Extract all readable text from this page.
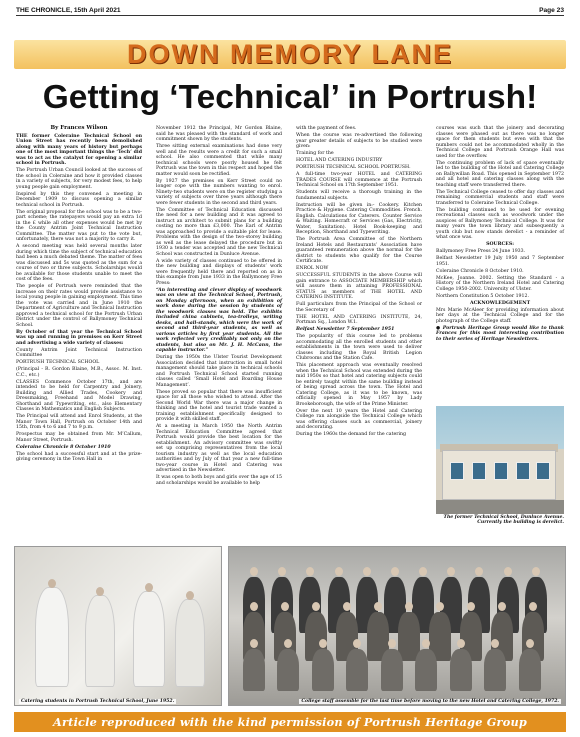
THE CHRONICLE, 15th April 2021	Page 23
DOWN MEMORY LANE
Getting ‘Technical’ in Portrush!
By Frances Wilson

THE former Coleraine Technical School on Union Street has recently been demolished along with many years of history but perhaps one of the most important things the ‘Tech’ did was to act as the catalyst for opening a similar school in Portrush.

The Portrush Urban Council looked at the success of the school in Coleraine and how it provided classes in a variety of subjects, for very modest fees, to help young people gain employment.

Inspired by this they convened a meeting in December 1909 to discuss opening a similar technical school in Portrush.

The original proposal for the school was to be a two-part scheme; the ratepayers would pay an extra 1d in the £ while all other expenses would be met by the County Antrim Joint Technical Instruction Committee. The matter was put to the vote but, unfortunately, there was not a majority to carry it.

A second meeting was held several months later during which time the subject of technical education had been a much debated theme. The matter of fees was discussed and 5s was quoted as the sum for a course of two or three subjects. Scholarships would be available for those students unable to meet the cost of the fees.

The people of Portrush were reminded that the increase on their rates would provide assistance to local young people in gaining employment. This time the vote was carried and in June 1910 the Department of Agriculture and Technical Instruction approved a technical school for the Portrush Urban District under the control of Ballymoney Technical School.

By October of that year the Technical School was up and running in premises on Kerr Street and advertising a wide variety of classes:

County Antrim Joint Technical Instruction Committee

PORTRUSH TECHNICAL SCHOOL

(Principal - R. Gordon Blaine, M.B., Assoc. M. Inst. C.C., etc.)

CLASSES Commence October 17th, and are intended to be held for Carpentry and Joinery, Building and Allied Trades, Cookery and Dressmaking, Freehand and Model Drawing, Shorthand and Typewriting, etc., also Elementary Classes in Mathematics and English Subjects.

The Principal will attend and Enrol Students, at the Manor Town Hall, Portrush on October 14th and 15th, from 4 to 6 and 7 to 9 p.m.

Prospectus may be obtained from Mr. M’Callum, Manor Street, Portrush.

Coleraine Chronicle 8 October 1910

The school had a successful start and at the prize-giving ceremony in the Town Hall in

November 1912 the Principal, Mr Gordon Blaine, said he was pleased with the standard of work and commitment shown by the students.

Three sitting external examinations had done very well and the results were a credit for such a small school. He also commented that while many technical schools were poorly housed he felt Portrush was the town in this respect and hoped the matter would soon be rectified.

By 1927 the premises on Kerr Street could no longer cope with the numbers wanting to enrol. Ninety-two students were on the register studying a variety of subjects over three years although there were fewer students in the second and third years.

The Committee of Technical Education discussed the need for a new building and it was agreed to instruct an architect to submit plans for a building costing no more than £3,000. The Earl of Antrim was approached to provide a suitable plot for lease. Problems with the design of the two-storey building as well as the lease delayed the procedure but in 1930 a tender was accepted and the new Technical School was constructed in Dunluce Avenue.

A wide variety of classes continued to be offered in the new building and displays of students’ work were frequently held there and reported on as in this example from June 1933 in the Ballymoney Free Press:

“An interesting and clever display of woodwork was on view at the Technical School, Portrush, on Monday afternoon, when an exhibition of work done during the session by students of the woodwork classes was held. The exhibits included china cabinets, tea-trolleys, writing desks, and hall-stands, which were the work of second and third-year students, as well as various articles by first year students. All the work reflected very creditably not only on the students, but also on Mr. J. H. McCann, the capable instructor.”

During the 1950s the Ulster Tourist Development Association decided that instruction in small hotel management should take place in technical schools and Portrush Technical School started running classes called ‘Small Hotel and Boarding House Management’.

These proved so popular that there was insufficient space for all those who wished to attend. After the Second World War there was a major change in thinking and the hotel and tourist trade wanted a training establishment specifically designed to provide it with skilled staff.

At a meeting in March 1950 the North Antrim Technical Education Committee agreed that Portrush would provide the best location for the establishment. An advisory committee was swiftly set up comprising representatives from the local tourism industry as well as the local education authorities and by July of that year a new full-time two-year course in Hotel and Catering was advertised in the Newsletter.

It was open to both boys and girls over the age of 15 and scholarships would be available to help

with the payment of fees.

When the course was re-advertised the following year greater details of subjects to be studied were given:

Training for the

HOTEL AND CATERING INDUSTRY

PORTRUSH TECHNICAL SCHOOL PORTRUSH.

A full-time two-year HOTEL and CATERING TRADES COURSE will commence at the Portrush Technical School on 17th September 1951.

Students will receive a thorough training in the fundamental subjects.

Instruction will be given in:- Cookery. Kitchen Practice & Hygiene. Catering Commodities. French. English. Calculations for Caterers. Counter Service & Waiting. Homecraft or Services (Gas, Electricity, Water, Sanitation). Hotel Book-keeping and Reception, Shorthand and Typewriting.

The Portrush Area Committee of the Northern Ireland Hotels and Restaurants’ Association have guaranteed remuneration above the normal for the district to students who qualify for the Course Certificate.

ENROL NOW

SUCCESSFUL STUDENTS in the above Course will gain entrance to ASSOCIATE MEMBERSHIP which will assure them in attaining PROFESSIONAL STATUS as members of THE HOTEL AND CATERING INSTITUTE.

Full particulars from the Principal of the School or the Secretary of

THE HOTEL AND CATERING INSTITUTE, 24, Portman Sq., London W.1.

Belfast Newsletter 7 September 1951

The popularity of this course led to problems accommodating all the enrolled students and other establishments in the town were used to deliver classes including the Royal British Legion Clubrooms and the Station Cafe.

This placement approach was eventually resolved when the Technical School was extended during the mid 1950s so that hotel and catering subjects could be entirely taught within the same building instead of being spread across the town. The Hotel and Catering College, as it was to be known, was officially opened in May 1957 by Lady Brookeborough, the wife of the Prime Minister.

Over the next 10 years the Hotel and Catering College ran alongside the Technical College which was offering classes such as commercial, joinery and decorating.

During the 1960s the demand for the catering

courses was such that the joinery and decorating classes were phased out as there was no longer space for them students but even with that the numbers could not be accommodated wholly in the Technical College and Portrush Orange Hall was used for the overflow.

The continuing problem of lack of space eventually led to the building of the Hotel and Catering College on Ballywillan Road. This opened in September 1972 and all hotel and catering classes along with the teaching staff were transferred there.

The Technical College ceased to offer day classes and remaining commercial students and staff were transferred to Coleraine Technical College.

The building continued to be used for evening recreational classes such as woodwork under the auspices of Ballymoney Technical College. It was for many years the town library and subsequently a youth club but now stands derelict - a reminder of what once was.

SOURCES:

Ballymoney Free Press 24 June 1933.

Belfast Newsletter 19 July 1950 and 7 September 1951.

Coleraine Chronicle 8 October 1910.

McKee, Joanne. 2002. Setting the Standard - a History of the Northern Ireland Hotel and Catering College 1950-2002. University of Ulster.

Northern Constitution 5 October 1912.

ACKNOWLEDGEMENT

Mrs Marie McAleer for providing information about her days at the Technical College and for the photograph of the College staff.

● Portrush Heritage Group would like to thank Frances for this most interesting contribution to their series of Heritage Newsletters.

The former Technical School, Dunluce Avenue. Currently the building is derelict.
Catering students in Portrush Technical School, June 1952.	College staff assemble for the last time before moving to the new Hotel and Catering College, 1972.
Article reproduced with the kind permission of Portrush Heritage Group
